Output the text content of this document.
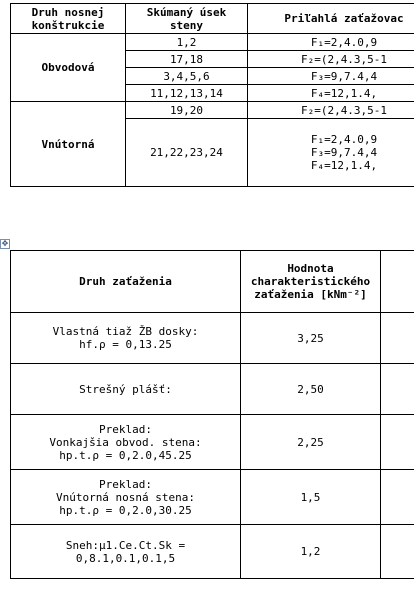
Druh nosnej
konštrukcie	Skúmaný úsek
steny	Priľahlá zaťažovac
Obvodová	1,2	F₁=2,4.0,9
	17,18	F₂=(2,4.3,5-1
	3,4,5,6	F₃=9,7.4,4
	11,12,13,14	F₄=12,1.4,
Vnútorná	19,20	F₂=(2,4.3,5-1
	21,22,23,24	F₁=2,4.0,9
F₃=9,7.4,4
F₄=12,1.4,
✥
Druh zaťaženia	Hodnota
charakteristického
zaťaženia [kNm⁻²]	
Vlastná tiaž ŽB dosky:
hf.ρ = 0,13.25	3,25	
Strešný plášť:	2,50	
Preklad:
Vonkajšia obvod. stena:
hp.t.ρ = 0,2.0,45.25	2,25	
Preklad:
Vnútorná nosná stena:
hp.t.ρ = 0,2.0,30.25	1,5	
Sneh:μ1.Ce.Ct.Sk =
0,8.1,0.1,0.1,5	1,2	
